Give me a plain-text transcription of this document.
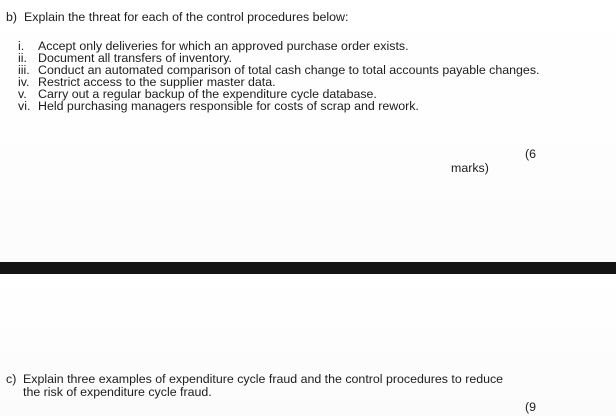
b) Explain the threat for each of the control procedures below:
i.	Accept only deliveries for which an approved purchase order exists.
ii. Document all transfers of inventory.
iii. Conduct an automated comparison of total cash change to total accounts payable changes.
iv. Restrict access to the supplier master data.
v. Carry out a regular backup of the expenditure cycle database.
vi. Held purchasing managers responsible for costs of scrap and rework.
(6
marks)
c) Explain three examples of expenditure cycle fraud and the control procedures to reduce
the risk of expenditure cycle fraud.
(9
